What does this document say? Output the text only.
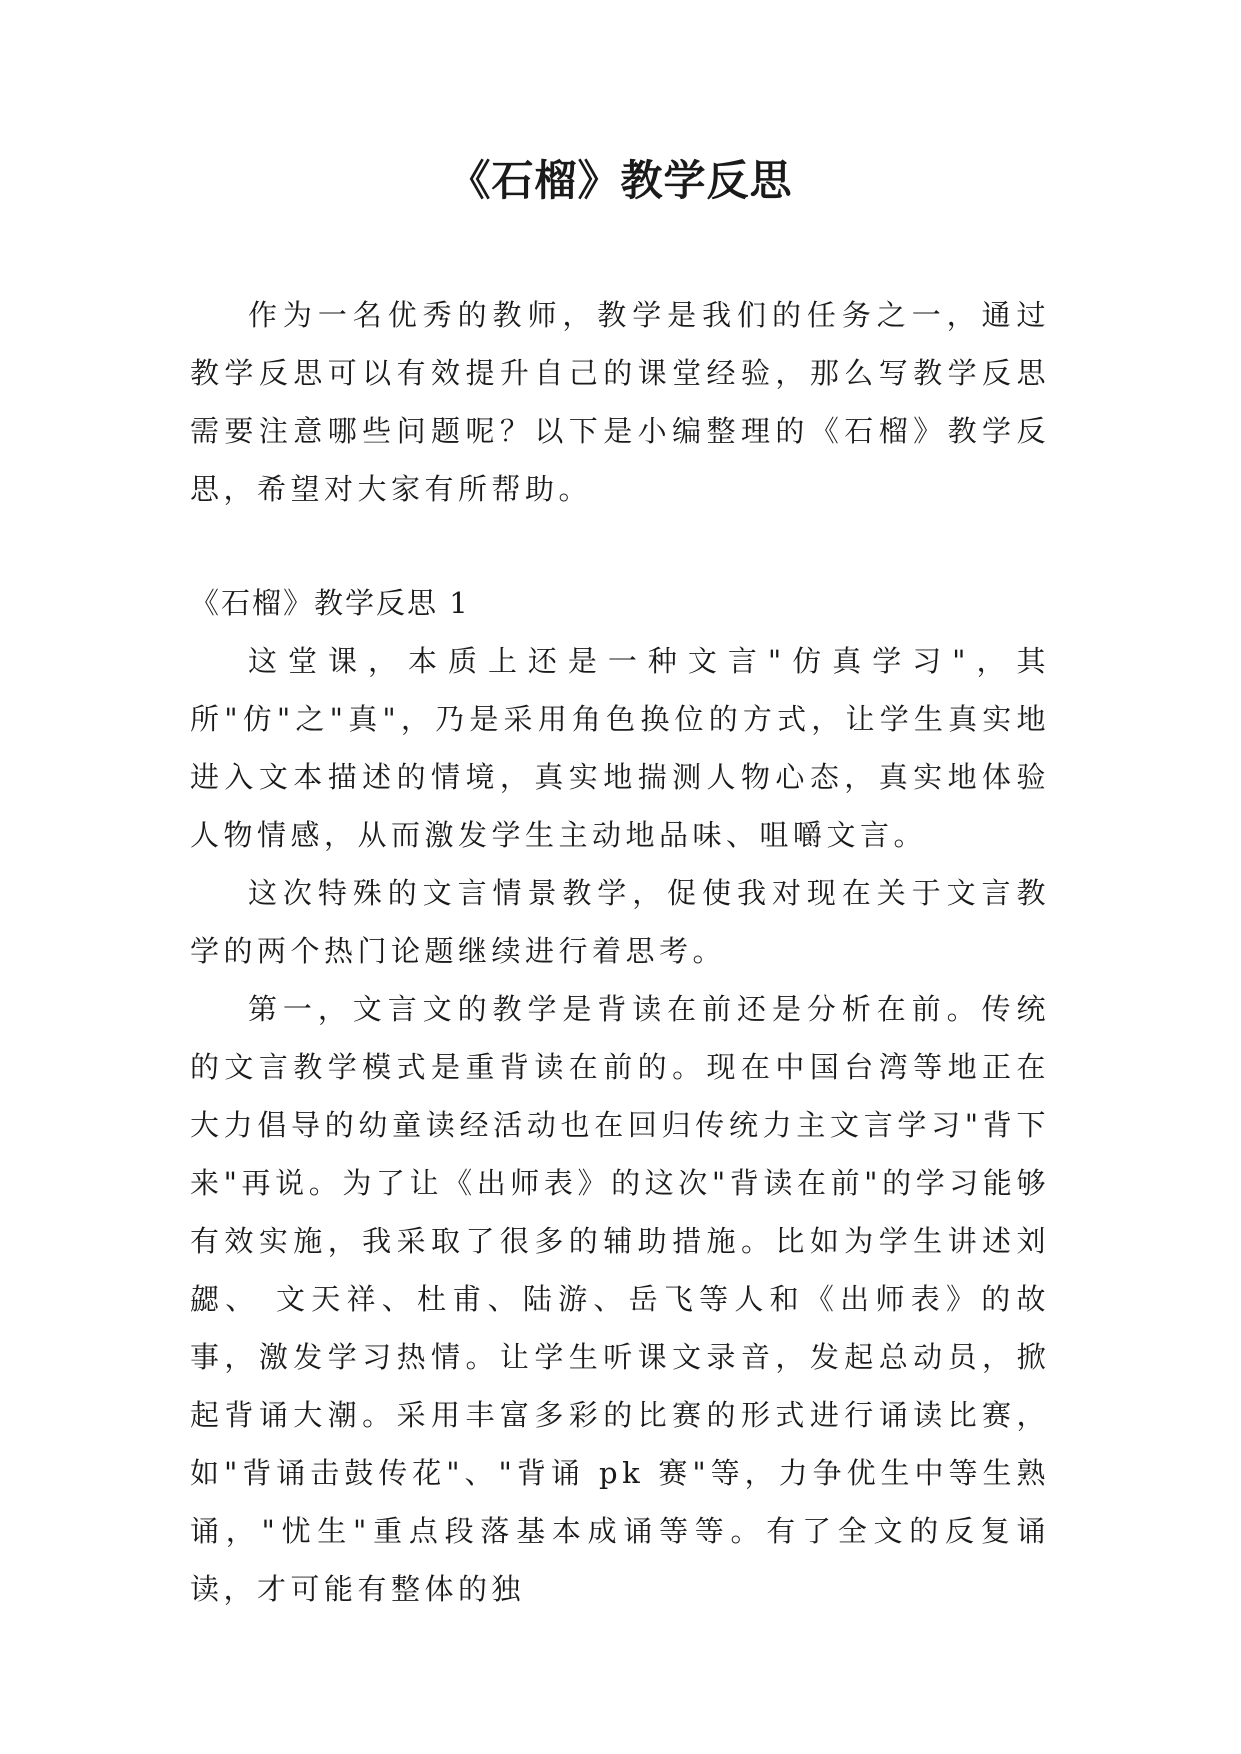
《石榴》教学反思

作为一名优秀的教师，教学是我们的任务之一，通过教学反思可以有效提升自己的课堂经验，那么写教学反思需要注意哪些问题呢？以下是小编整理的《石榴》教学反思，希望对大家有所帮助。

《石榴》教学反思 1

这堂课，本质上还是一种文言"仿真学习"，其所"仿"之"真"，乃是采用角色换位的方式，让学生真实地进入文本描述的情境，真实地揣测人物心态，真实地体验人物情感，从而激发学生主动地品味、咀嚼文言。

这次特殊的文言情景教学，促使我对现在关于文言教学的两个热门论题继续进行着思考。

第一，文言文的教学是背读在前还是分析在前。传统的文言教学模式是重背读在前的。现在中国台湾等地正在大力倡导的幼童读经活动也在回归传统力主文言学习"背下来"再说。为了让《出师表》的这次"背读在前"的学习能够有效实施，我采取了很多的辅助措施。比如为学生讲述刘勰、 文天祥、杜甫、陆游、岳飞等人和《出师表》的故事，激发学习热情。让学生听课文录音，发起总动员，掀起背诵大潮。采用丰富多彩的比赛的形式进行诵读比赛，如"背诵击鼓传花"、"背诵 pk 赛"等，力争优生中等生熟诵，"忧生"重点段落基本成诵等等。有了全文的反复诵读，才可能有整体的独
